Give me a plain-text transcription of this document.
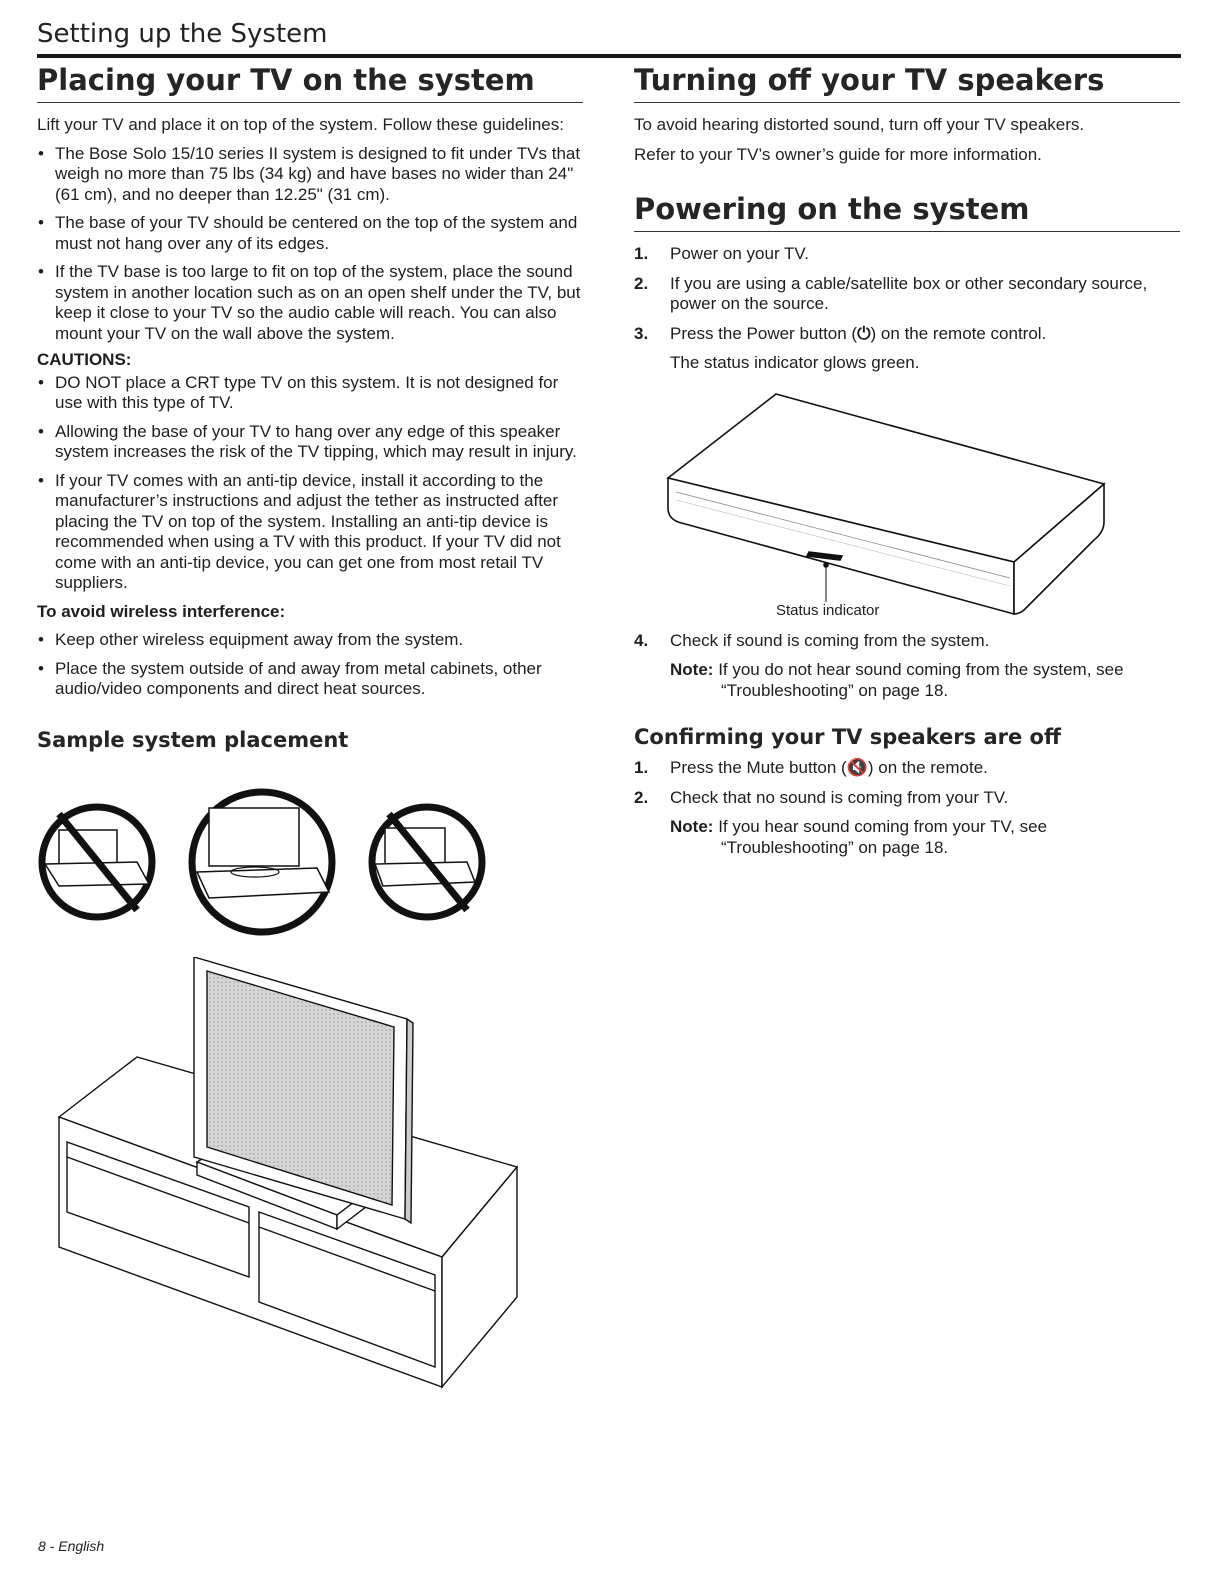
Setting up the System
Placing your TV on the system

Lift your TV and place it on top of the system. Follow these guidelines:

• The Bose Solo 15/10 series II system is designed to fit under TVs that weigh no more than 75 lbs (34 kg) and have bases no wider than 24" (61 cm), and no deeper than 12.25" (31 cm).
• The base of your TV should be centered on the top of the system and must not hang over any of its edges.
• If the TV base is too large to fit on top of the system, place the sound system in another location such as on an open shelf under the TV, but keep it close to your TV so the audio cable will reach. You can also mount your TV on the wall above the system.
CAUTIONS:
• DO NOT place a CRT type TV on this system. It is not designed for use with this type of TV.
• Allowing the base of your TV to hang over any edge of this speaker system increases the risk of the TV tipping, which may result in injury.
• If your TV comes with an anti-tip device, install it according to the manufacturer’s instructions and adjust the tether as instructed after placing the TV on top of the system. Installing an anti-tip device is recommended when using a TV with this product. If your TV did not come with an anti-tip device, you can get one from most retail TV suppliers.
To avoid wireless interference:
• Keep other wireless equipment away from the system.
• Place the system outside of and away from metal cabinets, other audio/video components and direct heat sources.
Sample system placement
Turning off your TV speakers

To avoid hearing distorted sound, turn off your TV speakers.

Refer to your TV’s owner’s guide for more information.

Powering on the system
1. Power on your TV.
2. If you are using a cable/satellite box or other secondary source, power on the source.
3. Press the Power button (⏻) on the remote control.

The status indicator glows green.

Status indicator
4. Check if sound is coming from the system.
Note: If you do not hear sound coming from the system, see
“Troubleshooting” on page 18.
Confirming your TV speakers are off
1. Press the Mute button (🔇) on the remote.
2. Check that no sound is coming from your TV.
Note: If you hear sound coming from your TV, see
“Troubleshooting” on page 18.
8 - English
